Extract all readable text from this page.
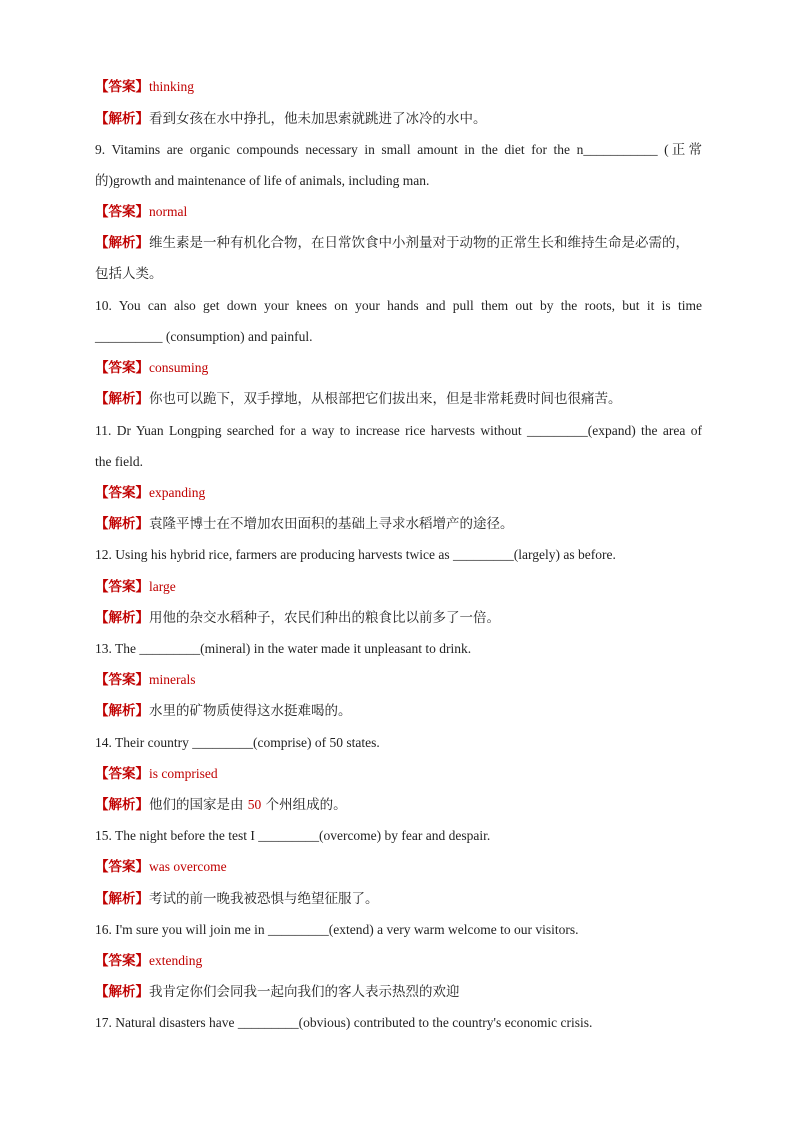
【答案】thinking
【解析】看到女孩在水中挣扎，他未加思索就跳进了冰冷的水中。
9. Vitamins are organic compounds necessary in small amount in the diet for the n___________ (正常
的)growth and maintenance of life of animals, including man.
【答案】normal
【解析】维生素是一种有机化合物，在日常饮食中小剂量对于动物的正常生长和维持生命是必需的，
包括人类。
10. You can also get down your knees on your hands and pull them out by the roots, but it is time
__________ (consumption) and painful.
【答案】consuming
【解析】你也可以跪下，双手撑地，从根部把它们拔出来，但是非常耗费时间也很痛苦。
11. Dr Yuan Longping searched for a way to increase rice harvests without _________(expand) the area of
the field.
【答案】expanding
【解析】袁隆平博士在不增加农田面积的基础上寻求水稻增产的途径。
12. Using his hybrid rice, farmers are producing harvests twice as _________(largely) as before.
【答案】large
【解析】用他的杂交水稻种子，农民们种出的粮食比以前多了一倍。
13. The _________(mineral) in the water made it unpleasant to drink.
【答案】minerals
【解析】水里的矿物质使得这水挺难喝的。
14. Their country _________(comprise) of 50 states.
【答案】is comprised
【解析】他们的国家是由 50 个州组成的。
15. The night before the test I _________(overcome) by fear and despair.
【答案】was overcome
【解析】考试的前一晚我被恐惧与绝望征服了。
16. I'm sure you will join me in _________(extend) a very warm welcome to our visitors.
【答案】extending
【解析】我肯定你们会同我一起向我们的客人表示热烈的欢迎
17. Natural disasters have _________(obvious) contributed to the country's economic crisis.
